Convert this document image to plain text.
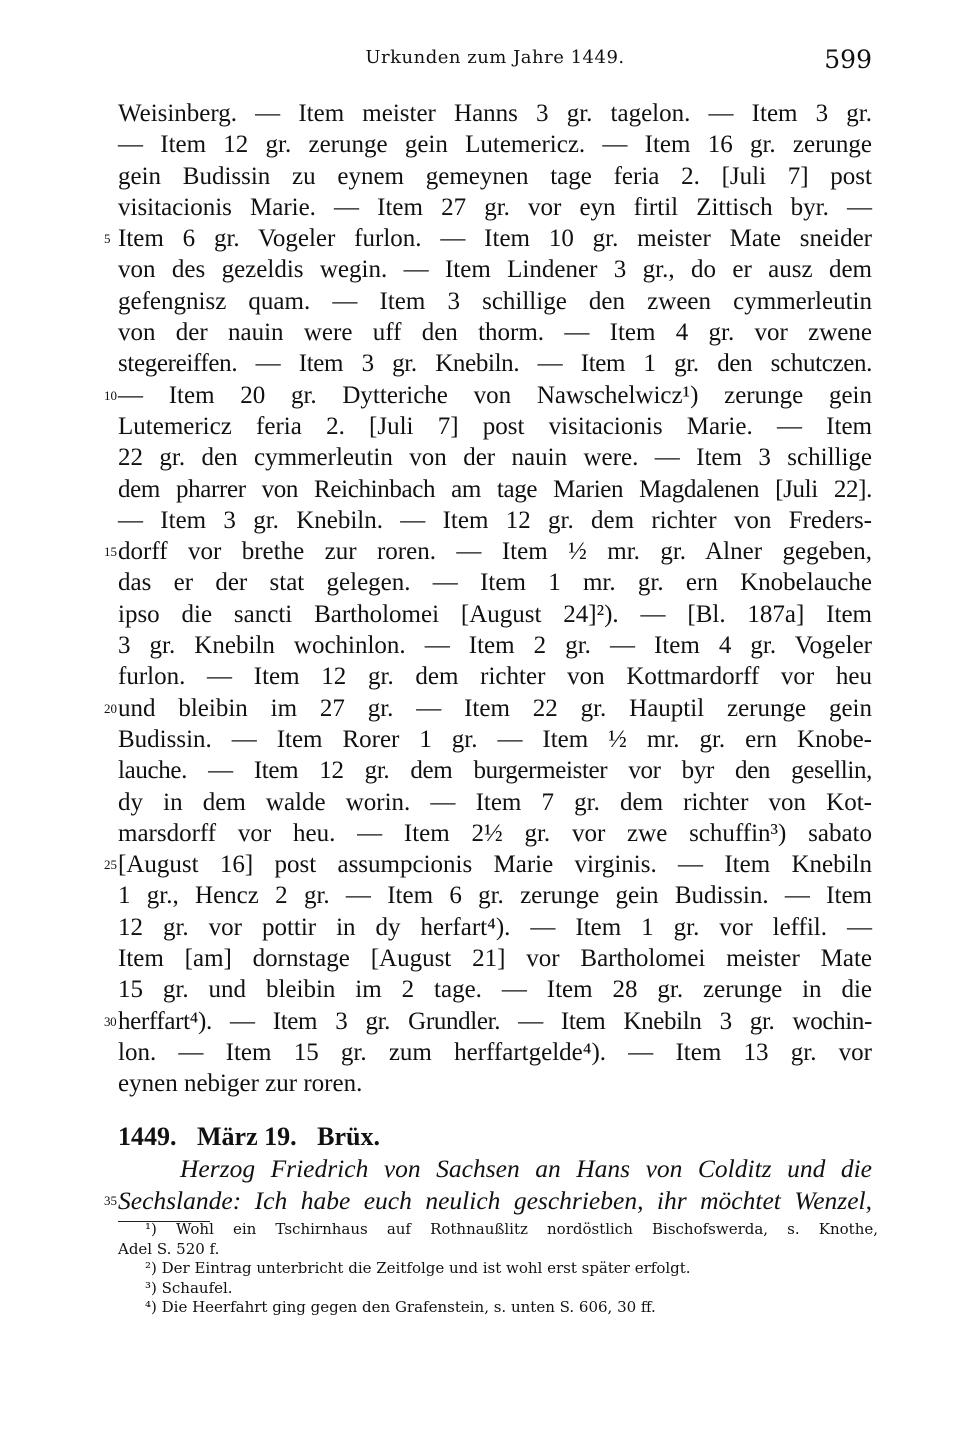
Urkunden zum Jahre 1449.	599
Weisinberg. — Item meister Hanns 3 gr. tagelon. — Item 3 gr.
— Item 12 gr. zerunge gein Lutemericz. — Item 16 gr. zerunge
gein Budissin zu eynem gemeynen tage feria 2. [Juli 7] post
visitacionis Marie. — Item 27 gr. vor eyn firtil Zittisch byr. —
5 Item 6 gr. Vogeler furlon. — Item 10 gr. meister Mate sneider
von des gezeldis wegin. — Item Lindener 3 gr., do er ausz dem
gefengnisz quam. — Item 3 schillige den zween cymmerleutin
von der nauin were uff den thorm. — Item 4 gr. vor zwene
stegereiffen. — Item 3 gr. Knebiln. — Item 1 gr. den schutczen.
10 — Item 20 gr. Dytteriche von Nawschelwicz¹) zerunge gein
Lutemericz feria 2. [Juli 7] post visitacionis Marie. — Item
22 gr. den cymmerleutin von der nauin were. — Item 3 schillige
dem pharrer von Reichinbach am tage Marien Magdalenen [Juli 22].
— Item 3 gr. Knebiln. — Item 12 gr. dem richter von Freders-
15 dorff vor brethe zur roren. — Item ½ mr. gr. Alner gegeben,
das er der stat gelegen. — Item 1 mr. gr. ern Knobelauche
ipso die sancti Bartholomei [August 24]²). — [Bl. 187a] Item
3 gr. Knebiln wochinlon. — Item 2 gr. — Item 4 gr. Vogeler
furlon. — Item 12 gr. dem richter von Kottmardorff vor heu
20 und bleibin im 27 gr. — Item 22 gr. Hauptil zerunge gein
Budissin. — Item Rorer 1 gr. — Item ½ mr. gr. ern Knobe-
lauche. — Item 12 gr. dem burgermeister vor byr den gesellin,
dy in dem walde worin. — Item 7 gr. dem richter von Kot-
marsdorff vor heu. — Item 2½ gr. vor zwe schuffin³) sabato
25 [August 16] post assumpcionis Marie virginis. — Item Knebiln
1 gr., Hencz 2 gr. — Item 6 gr. zerunge gein Budissin. — Item
12 gr. vor pottir in dy herfart⁴). — Item 1 gr. vor leffil. —
Item [am] dornstage [August 21] vor Bartholomei meister Mate
15 gr. und bleibin im 2 tage. — Item 28 gr. zerunge in die
30 herffart⁴). — Item 3 gr. Grundler. — Item Knebiln 3 gr. wochin-
lon. — Item 15 gr. zum herffartgelde⁴). — Item 13 gr. vor
eynen nebiger zur roren.
1449. März 19. Brüx.
Herzog Friedrich von Sachsen an Hans von Colditz und die
35 Sechslande: Ich habe euch neulich geschrieben, ihr möchtet Wenzel,
¹) Wohl ein Tschirnhaus auf Rothnaußlitz nordöstlich Bischofswerda, s. Knothe,
Adel S. 520 f.
²) Der Eintrag unterbricht die Zeitfolge und ist wohl erst später erfolgt.
³) Schaufel.
⁴) Die Heerfahrt ging gegen den Grafenstein, s. unten S. 606, 30 ff.
